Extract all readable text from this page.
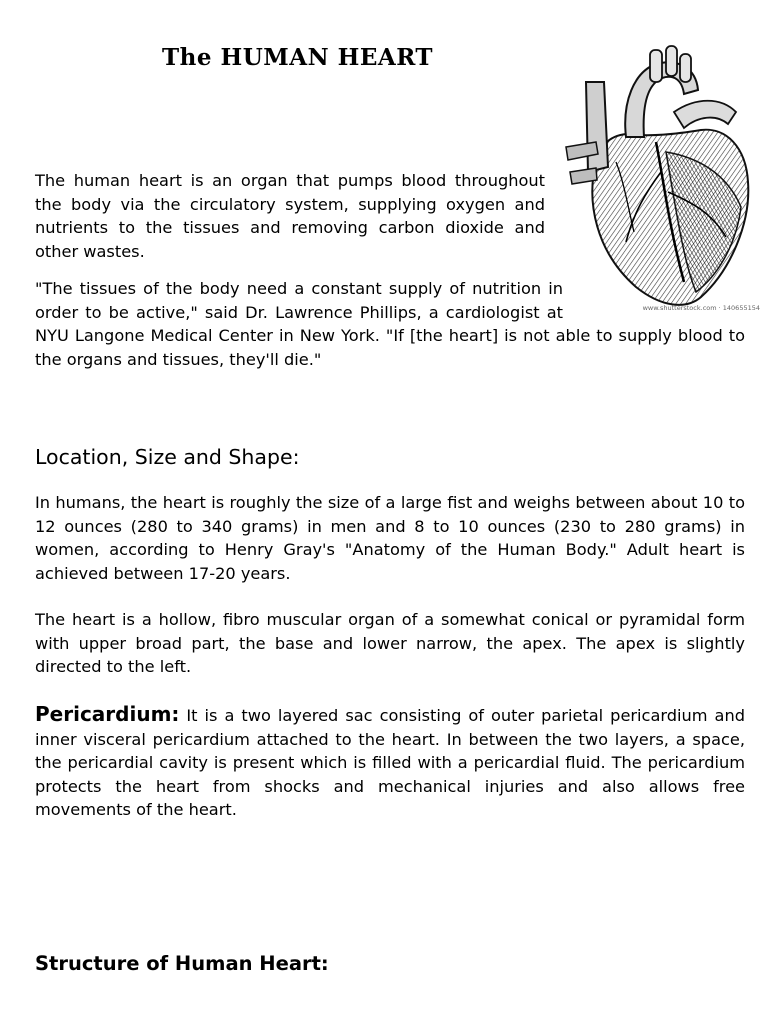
The HUMAN HEART
www.shutterstock.com · 140655154

The human heart is an organ that pumps blood throughout the body via the circulatory system, supplying oxygen and nutrients to the tissues and removing carbon dioxide and other wastes.

"The tissues of the body need a constant supply of nutrition in order to be active," said Dr. Lawrence Phillips, a cardiologist at NYU Langone Medical Center in New York. "If [the heart] is not able to supply blood to the organs and tissues, they'll die."

Location, Size and Shape:

In humans, the heart is roughly the size of a large fist and weighs between about 10 to 12 ounces (280 to 340 grams) in men and 8 to 10 ounces (230 to 280 grams) in women, according to Henry Gray's "Anatomy of the Human Body." Adult heart is achieved between 17-20 years.

The heart is a hollow, fibro muscular organ of a somewhat conical or pyramidal form with upper broad part, the base and lower narrow, the apex. The apex is slightly directed to the left.

Pericardium: It is a two layered sac consisting of outer parietal pericardium and inner visceral pericardium attached to the heart. In between the two layers, a space, the pericardial cavity is present which is filled with a pericardial fluid. The pericardium protects the heart from shocks and mechanical injuries and also allows free movements of the heart.

Structure of Human Heart:
